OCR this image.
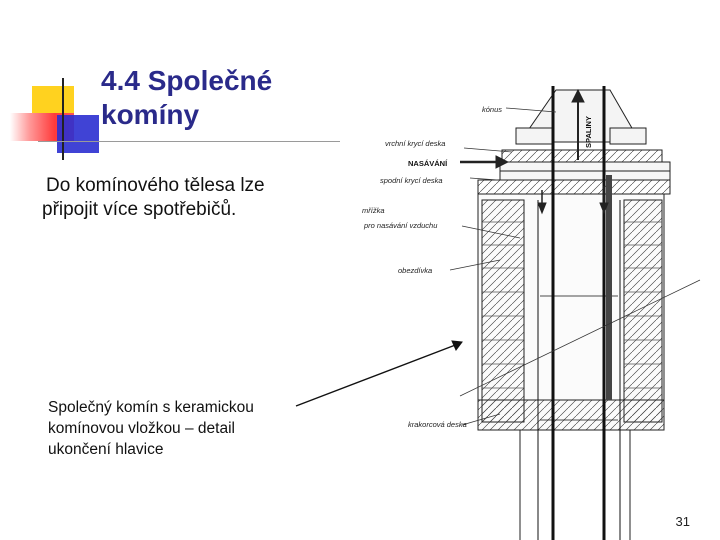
4.4 Společné
komíny
Do komínového tělesa lze
připojit více spotřebičů.
kónus
vrchní krycí deska
NASÁVÁNÍ
spodní krycí deska
mřížka
pro nasávání vzduchu
obezdívka
krakorcová deska
SPALINY
Společný komín s keramickou
komínovou vložkou – detail
ukončení hlavice
31
